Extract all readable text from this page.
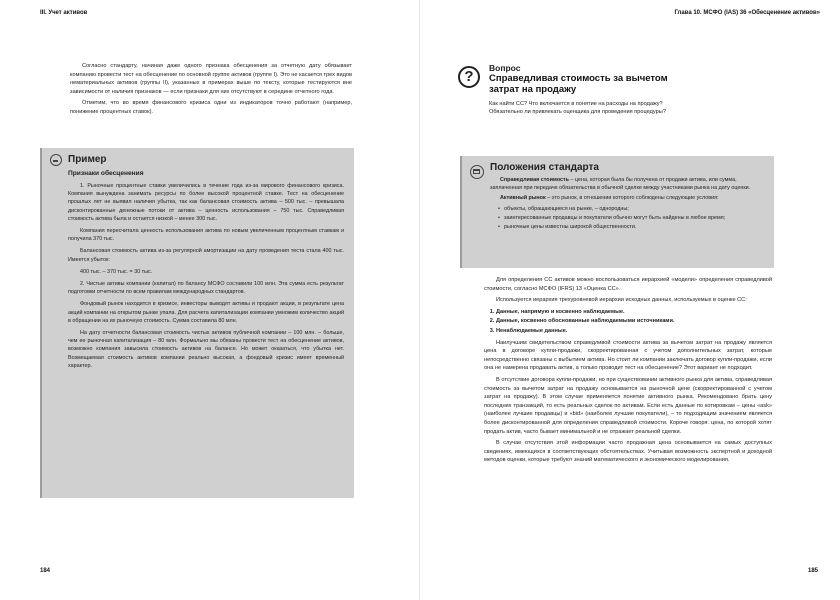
III. Учет активов

Согласно стандарту, начиная даже одного признака обесценения за отчетную дату обязывает компанию провести тест на обесценение по основной группе активов (группе I). Это не касается трех видов нематериальных активов (группы II), указанных в примерах выше по тексту, которые тестируются вне зависимости от наличия признаков — если признаки для них отсутствуют в середине отчетного года.

Отметим, что во время финансового кризиса одни из индикаторов точно работают (например, понижение процентных ставок).

Пример
Признаки обесценения

1. Рыночные процентные ставки увеличились в течение года из-за мирового финансового кризиса. Компания вынуждена занимать ресурсы по более высокой процентной ставке. Тест на обесценение прошлых лет не выявил наличия убытка, так как балансовая стоимость актива – 500 тыс. – превышала дисконтированные денежные потоки от актива – ценность использования – 750 тыс. Справедливая стоимость актива была и остается низкой – менее 300 тыс.

Компания пересчитала ценность использования актива по новым увеличенным процентным ставкам и получила 370 тыс.

Балансовая стоимость актива из-за регулярной амортизации на дату проведения теста стала 400 тыс. Имеется убыток:

400 тыс. – 370 тыс. = 30 тыс.

2. Чистые активы компании (капитал) по балансу МСФО составили 100 млн. Эта сумма есть результат подготовки отчетности по всем правилам международных стандартов.

Фондовый рынок находится в кризисе, инвесторы выводят активы и продают акции, в результате цена акций компании на открытом рынке упала. Для расчета капитализации компании умножим количество акций в обращении на их рыночную стоимость. Сумма составила 80 млн.

На дату отчетности балансовая стоимость чистых активов публичной компании – 100 млн. – больше, чем ее рыночная капитализация – 80 млн. Формально мы обязаны провести тест на обесценение активов, возможно компания завысила стоимость активов на балансе. Но может оказаться, что убытка нет. Возмещаемая стоимость активов компании реально высокая, а фондовый кризис имеет временный характер.

184
Глава 10. МСФО (IAS) 36 «Обесценение активов»
185
?	Вопрос
Справедливая стоимость за вычетом затрат на продажу
Как найти СС? Что включается в понятие на расходы на продажу? Обязательно ли привлекать оценщика для проведения процедуры?
Положения стандарта

Справедливая стоимость – цена, которая была бы получена от продажи актива, или сумма, заплаченная при передаче обязательства в обычной сделке между участниками рынка на дату оценки.

Активный рынок – это рынок, в отношении которого соблюдены следующие условия:

• объекты, обращающиеся на рынке, – однородны;
• заинтересованные продавцы и покупатели обычно могут быть найдены в любое время;
• рыночные цены известны широкой общественности.

Для определения СС активов можно воспользоваться иерархией «модели» определения справедливой стоимости, согласно МСФО (IFRS) 13 «Оценка СС».

Используется иерархия трехуровневой иерархии исходных данных, используемых в оценке СС:

1. Данные, напрямую и косвенно наблюдаемые.
2. Данные, косвенно обоснованные наблюдаемыми источниками.
3. Ненаблюдаемые данные.

Наилучшим свидетельством справедливой стоимости актива за вычетом затрат на продажу является цена в договоре купли-продажи, скорректированная с учетом дополнительных затрат, которые непосредственно связаны с выбытием актива. Но стоит ли компании заключать договор купли-продажи, если она не намерена продавать актив, а только проводит тест на обесценение? Этот вариант не подходит.

В отсутствие договора купли-продажи, но при существовании активного рынка для актива, справедливая стоимость за вычетом затрат на продажу основывается на рыночной цене (скорректированной с учетом затрат на продажу). В этом случае применяется понятие активного рынка. Рекомендовано брать цену последних транзакций, то есть реальных сделок по активам. Если есть данные по котировкам – цены «ask» (наиболее лучшие продавцы) и «bid» (наиболее лучшие покупатели), – то подходящим значением является более дисконтированной для определения справедливой стоимости. Короче говоря: цена, по которой хотят продать актив, часто бывает минимальной и не отражает реальной сделки.

В случае отсутствия этой информации часто продажная цена основывается на самых доступных сведениях, имеющихся в соответствующих обстоятельствах. Учитывая возможность экспертной и доходной методов оценки, которые требуют знаний математического и экономического моделирования.
